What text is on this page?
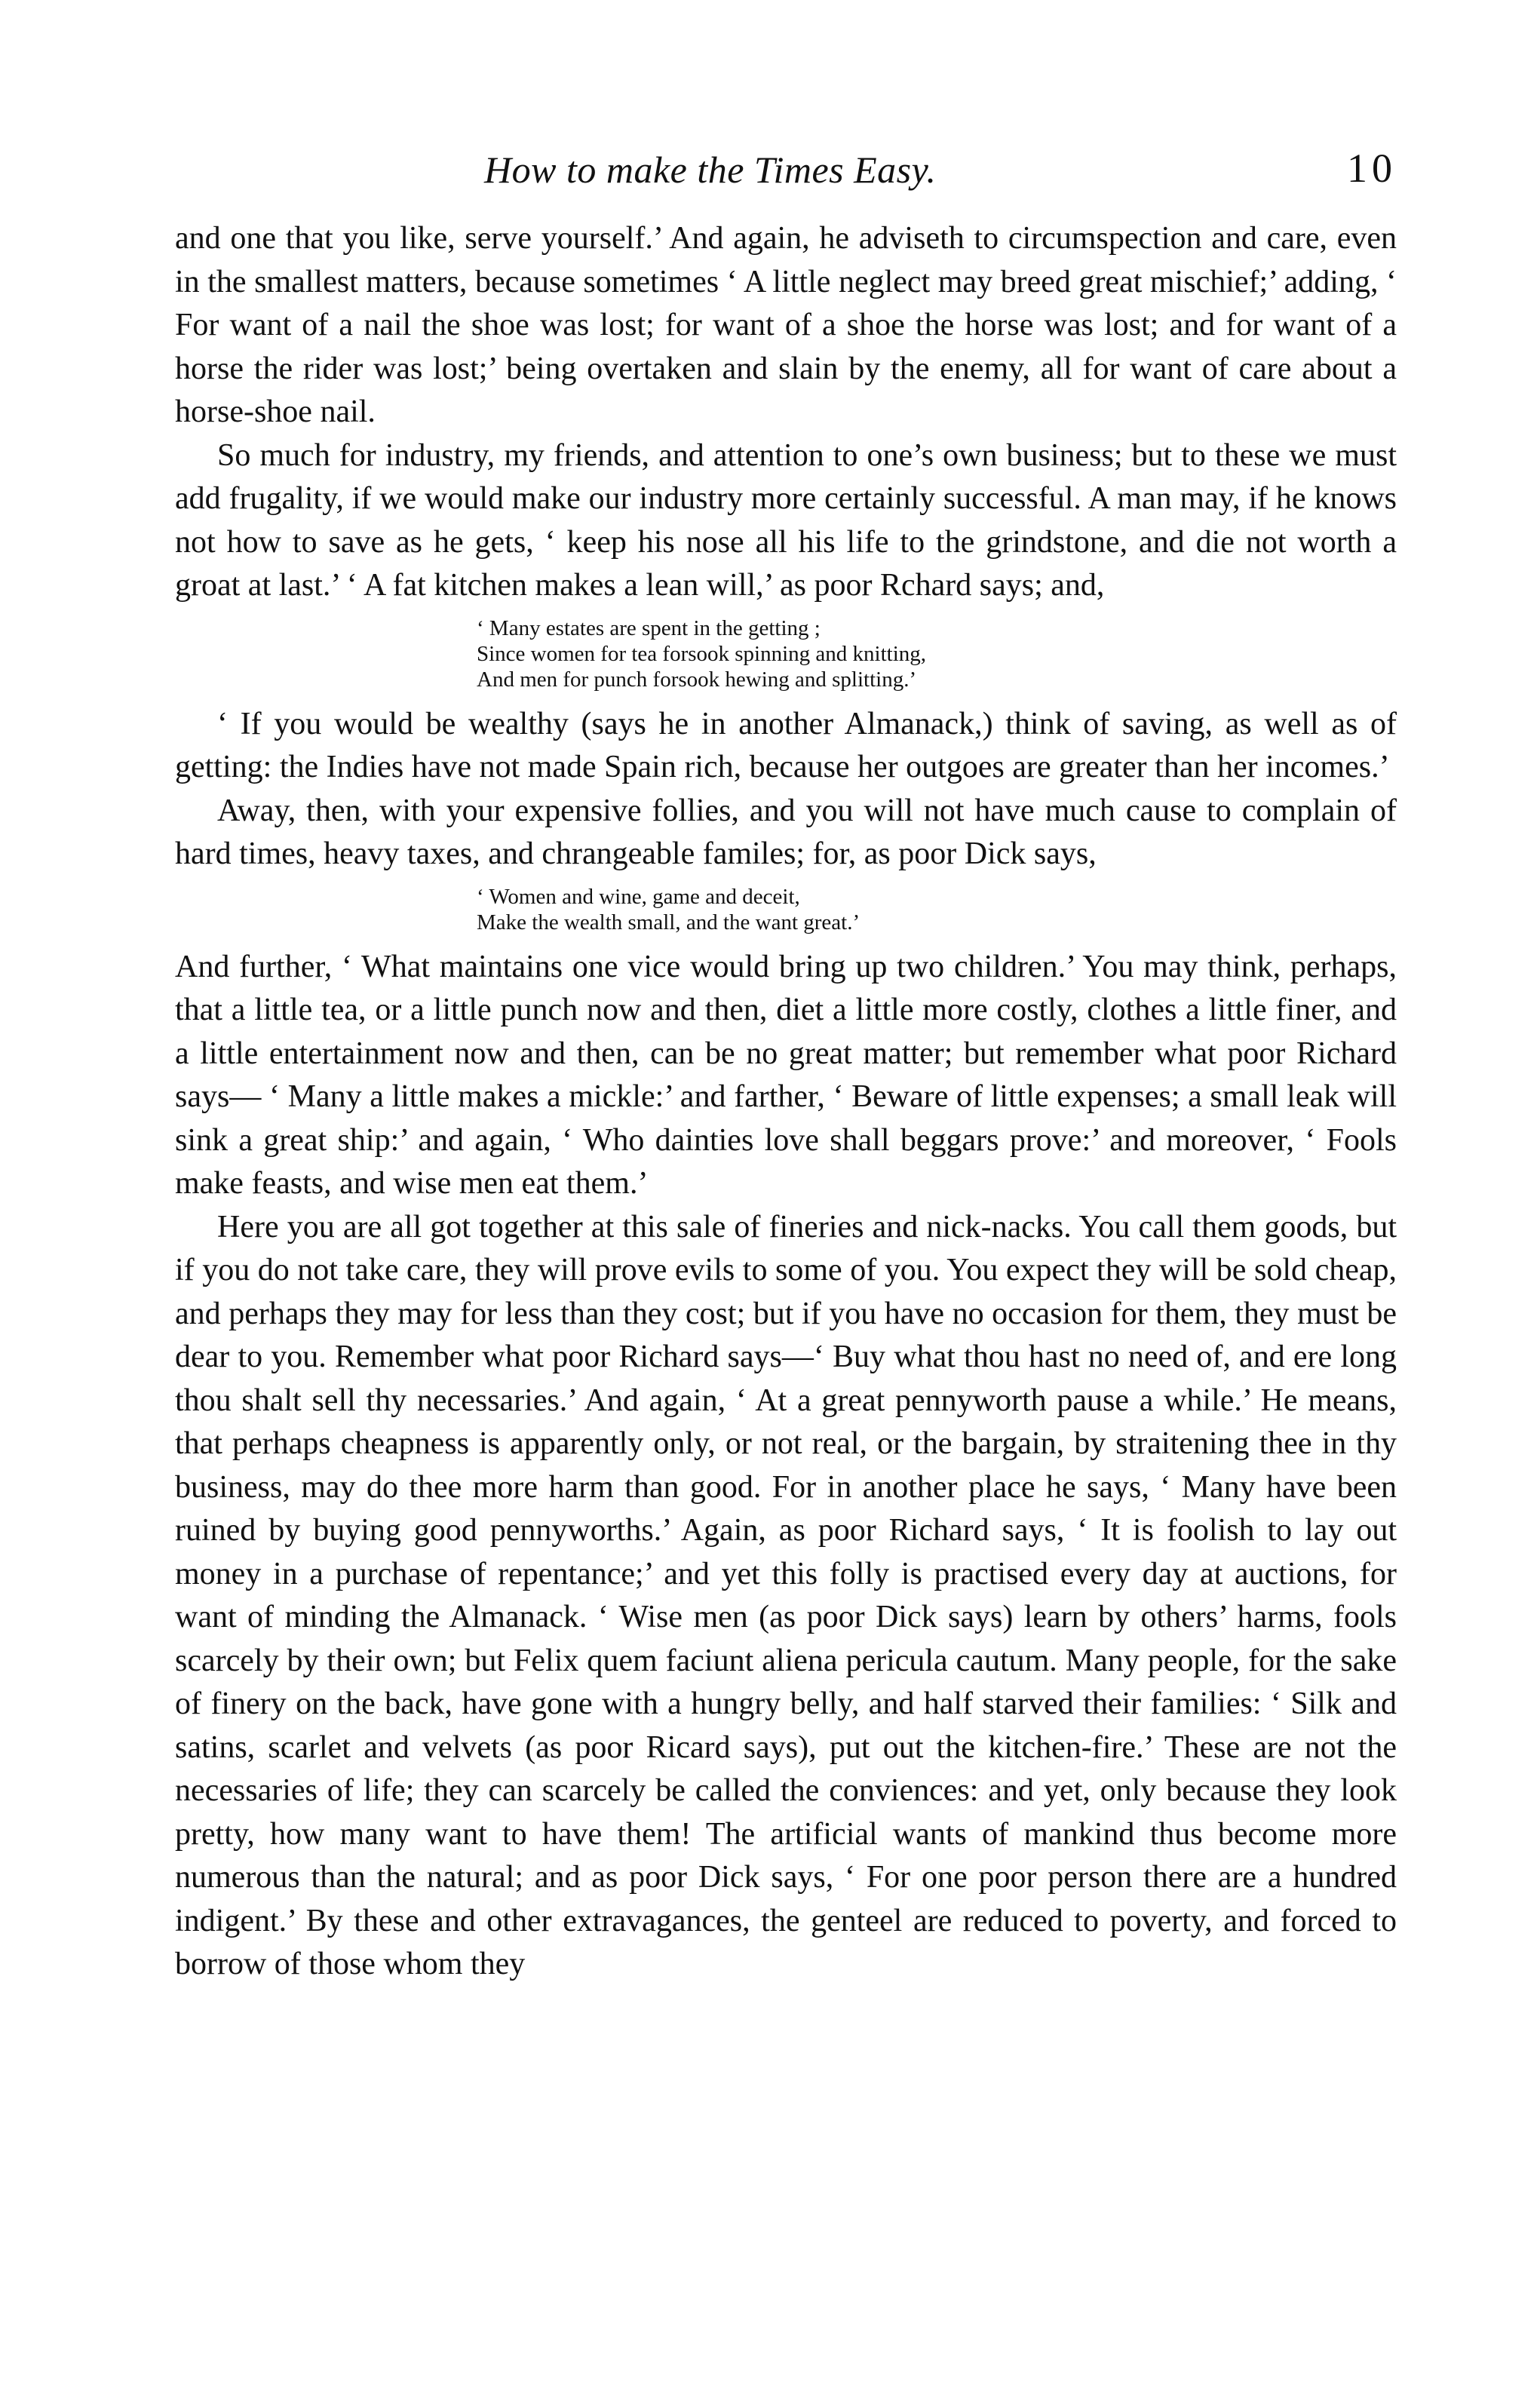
How to make the Times Easy.	10

and one that you like, serve yourself.’ And again, he adviseth to circumspection and care, even in the smallest matters, because sometimes ‘ A little neglect may breed great mischief;’ adding, ‘ For want of a nail the shoe was lost; for want of a shoe the horse was lost; and for want of a horse the rider was lost;’ being overtaken and slain by the enemy, all for want of care about a horse-shoe nail.

So much for industry, my friends, and attention to one’s own business; but to these we must add frugality, if we would make our industry more certainly successful. A man may, if he knows not how to save as he gets, ‘ keep his nose all his life to the grindstone, and die not worth a groat at last.’ ‘ A fat kitchen makes a lean will,’ as poor Rchard says; and,

‘ Many estates are spent in the getting ;
Since women for tea forsook spinning and knitting,
And men for punch forsook hewing and splitting.’

‘ If you would be wealthy (says he in another Almanack,) think of saving, as well as of getting: the Indies have not made Spain rich, because her outgoes are greater than her incomes.’

Away, then, with your expensive follies, and you will not have much cause to complain of hard times, heavy taxes, and chrangeable familes; for, as poor Dick says,

‘ Women and wine, game and deceit,
Make the wealth small, and the want great.’

And further, ‘ What maintains one vice would bring up two children.’ You may think, perhaps, that a little tea, or a little punch now and then, diet a little more costly, clothes a little finer, and a little entertainment now and then, can be no great matter; but remember what poor Richard says— ‘ Many a little makes a mickle:’ and farther, ‘ Beware of little expenses; a small leak will sink a great ship:’ and again, ‘ Who dainties love shall beggars prove:’ and moreover, ‘ Fools make feasts, and wise men eat them.’

Here you are all got together at this sale of fineries and nick-nacks. You call them goods, but if you do not take care, they will prove evils to some of you. You expect they will be sold cheap, and perhaps they may for less than they cost; but if you have no occasion for them, they must be dear to you. Remember what poor Richard says—‘ Buy what thou hast no need of, and ere long thou shalt sell thy necessaries.’ And again, ‘ At a great pennyworth pause a while.’ He means, that perhaps cheapness is apparently only, or not real, or the bargain, by straitening thee in thy business, may do thee more harm than good. For in another place he says, ‘ Many have been ruined by buying good pennyworths.’ Again, as poor Richard says, ‘ It is foolish to lay out money in a purchase of repentance;’ and yet this folly is practised every day at auctions, for want of minding the Almanack. ‘ Wise men (as poor Dick says) learn by others’ harms, fools scarcely by their own; but Felix quem faciunt aliena pericula cautum. Many people, for the sake of finery on the back, have gone with a hungry belly, and half starved their families: ‘ Silk and satins, scarlet and velvets (as poor Ricard says), put out the kitchen-fire.’ These are not the necessaries of life; they can scarcely be called the conviences: and yet, only because they look pretty, how many want to have them! The artificial wants of mankind thus become more numerous than the natural; and as poor Dick says, ‘ For one poor person there are a hundred indigent.’ By these and other extravagances, the genteel are reduced to poverty, and forced to borrow of those whom they
